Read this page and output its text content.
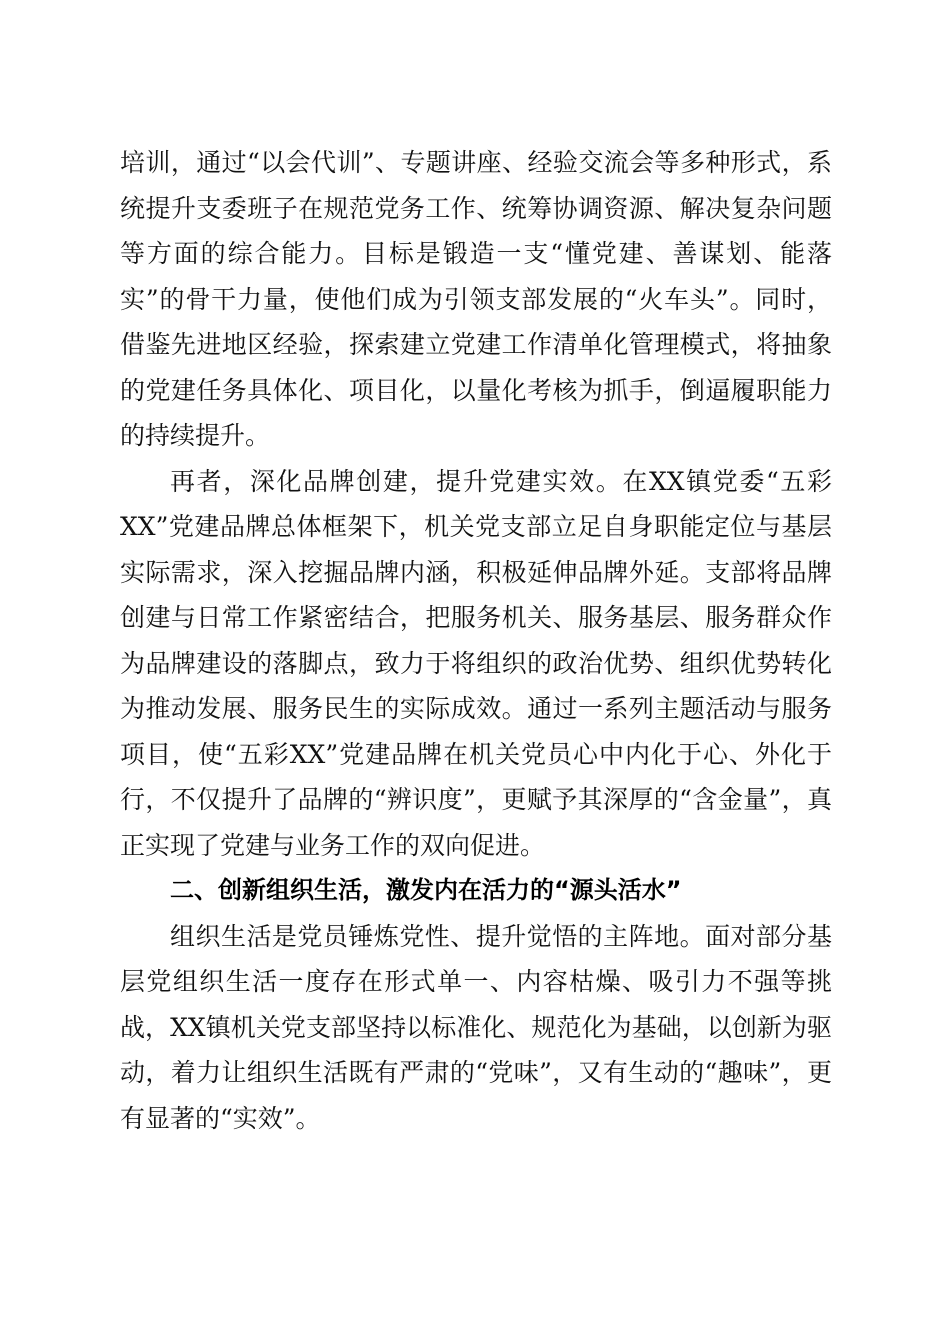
培训，通过“以会代训”、专题讲座、经验交流会等多种形式，系统提升支委班子在规范党务工作、统筹协调资源、解决复杂问题等方面的综合能力。目标是锻造一支“懂党建、善谋划、能落实”的骨干力量，使他们成为引领支部发展的“火车头”。同时，借鉴先进地区经验，探索建立党建工作清单化管理模式，将抽象的党建任务具体化、项目化，以量化考核为抓手，倒逼履职能力的持续提升。

再者，深化品牌创建，提升党建实效。在XX镇党委“五彩XX”党建品牌总体框架下，机关党支部立足自身职能定位与基层实际需求，深入挖掘品牌内涵，积极延伸品牌外延。支部将品牌创建与日常工作紧密结合，把服务机关、服务基层、服务群众作为品牌建设的落脚点，致力于将组织的政治优势、组织优势转化为推动发展、服务民生的实际成效。通过一系列主题活动与服务项目，使“五彩XX”党建品牌在机关党员心中内化于心、外化于行，不仅提升了品牌的“辨识度”，更赋予其深厚的“含金量”，真正实现了党建与业务工作的双向促进。

二、创新组织生活，激发内在活力的“源头活水”

组织生活是党员锤炼党性、提升觉悟的主阵地。面对部分基层党组织生活一度存在形式单一、内容枯燥、吸引力不强等挑战，XX镇机关党支部坚持以标准化、规范化为基础，以创新为驱动，着力让组织生活既有严肃的“党味”，又有生动的“趣味”，更有显著的“实效”。
